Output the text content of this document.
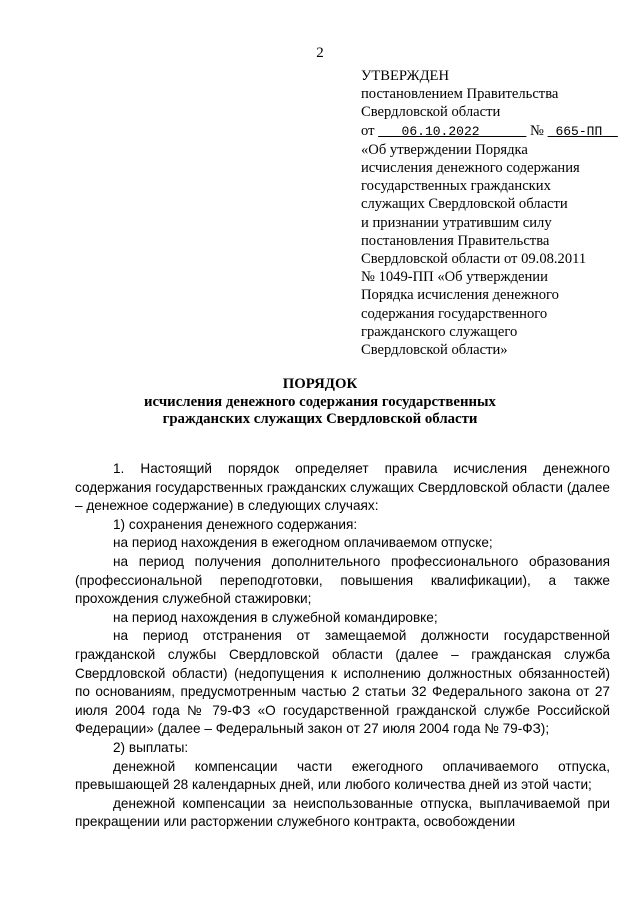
2
УТВЕРЖДЕН
постановлением Правительства
Свердловской области
от 06.10.2022	№ 665-ПП
«Об утверждении Порядка
исчисления денежного содержания
государственных гражданских
служащих Свердловской области
и признании утратившим силу
постановления Правительства
Свердловской области от 09.08.2011
№ 1049-ПП «Об утверждении
Порядка исчисления денежного
содержания государственного
гражданского служащего
Свердловской области»
ПОРЯДОК
исчисления денежного содержания государственных
гражданских служащих Свердловской области

1. Настоящий порядок определяет правила исчисления денежного содержания государственных гражданских служащих Свердловской области (далее – денежное содержание) в следующих случаях:

1) сохранения денежного содержания:

на период нахождения в ежегодном оплачиваемом отпуске;

на период получения дополнительного профессионального образования (профессиональной переподготовки, повышения квалификации), а также прохождения служебной стажировки;

на период нахождения в служебной командировке;

на период отстранения от замещаемой должности государственной гражданской службы Свердловской области (далее – гражданская служба Свердловской области) (недопущения к исполнению должностных обязанностей) по основаниям, предусмотренным частью 2 статьи 32 Федерального закона от 27 июля 2004 года № 79-ФЗ «О государственной гражданской службе Российской Федерации» (далее – Федеральный закон от 27 июля 2004 года № 79-ФЗ);

2) выплаты:

денежной компенсации части ежегодного оплачиваемого отпуска, превышающей 28 календарных дней, или любого количества дней из этой части;

денежной компенсации за неиспользованные отпуска, выплачиваемой при прекращении или расторжении служебного контракта, освобождении
